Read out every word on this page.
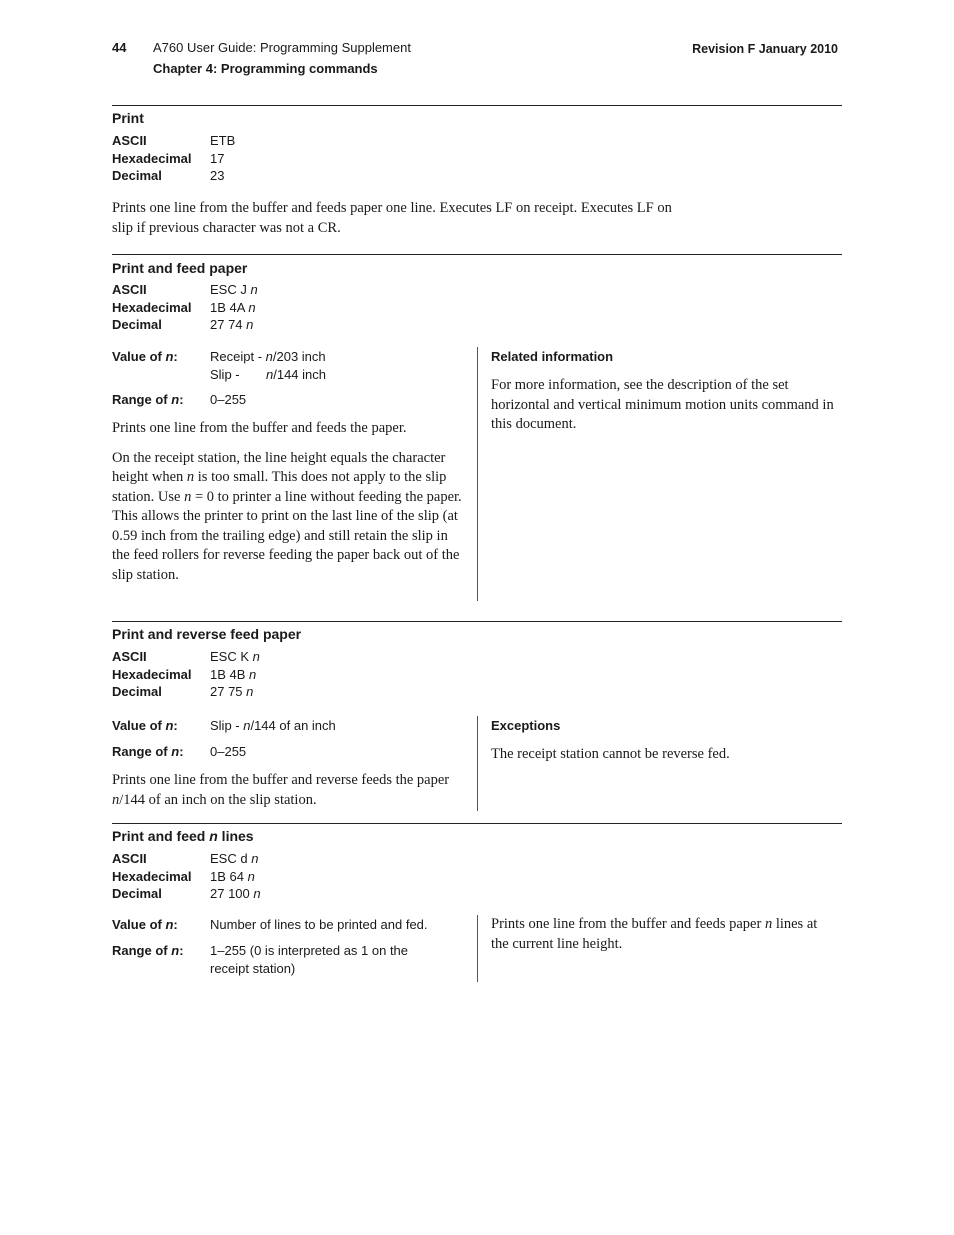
44 A760 User Guide: Programming Supplement
Chapter 4: Programming commands
Revision F January 2010
Print
ASCII	ETB
Hexadecimal	17
Decimal	23
Prints one line from the buffer and feeds paper one line. Executes LF on receipt. Executes LF on
slip if previous character was not a CR.
Print and feed paper
ASCII	ESC J n
Hexadecimal	1B 4A n
Decimal	27 74 n
Value of n:	Receipt - n/203 inch
Slip - n/144 inch
Range of n:	0–255

Prints one line from the buffer and feeds the paper.

On the receipt station, the line height equals the character height when n is too small. This does not apply to the slip station. Use n = 0 to printer a line without feeding the paper. This allows the printer to print on the last line of the slip (at 0.59 inch from the trailing edge) and still retain the slip in the feed rollers for reverse feeding the paper back out of the slip station.

Related information
For more information, see the description of the set horizontal and vertical minimum motion units command in this document.
Print and reverse feed paper
ASCII	ESC K n
Hexadecimal	1B 4B n
Decimal	27 75 n
Value of n:	Slip - n/144 of an inch
Range of n:	0–255

Prints one line from the buffer and reverse feeds the paper n/144 of an inch on the slip station.

Exceptions
The receipt station cannot be reverse fed.
Print and feed n lines
ASCII	ESC d n
Hexadecimal	1B 64 n
Decimal	27 100 n
Value of n:	Number of lines to be printed and fed.
Range of n:	1–255 (0 is interpreted as 1 on the receipt station)
Prints one line from the buffer and feeds paper n lines at the current line height.
